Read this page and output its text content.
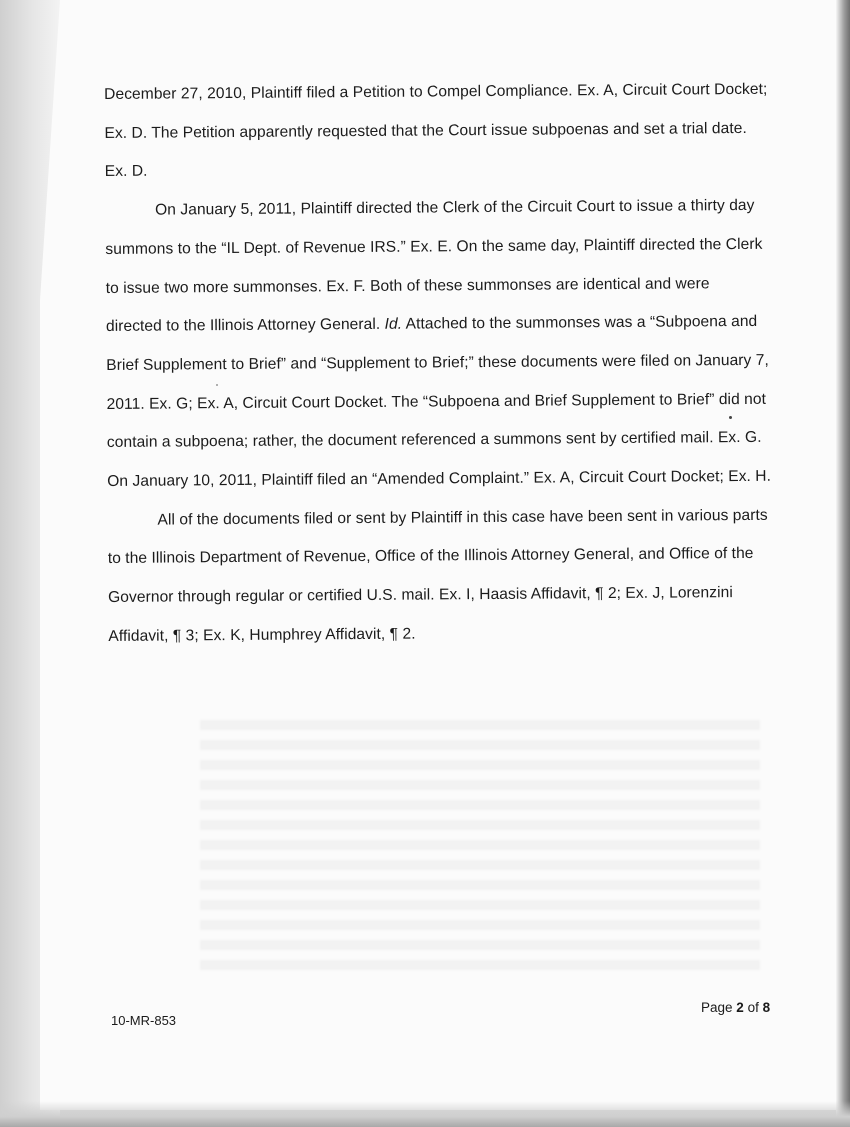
December 27, 2010, Plaintiff filed a Petition to Compel Compliance. Ex. A, Circuit Court Docket; Ex. D. The Petition apparently requested that the Court issue subpoenas and set a trial date. Ex. D.

On January 5, 2011, Plaintiff directed the Clerk of the Circuit Court to issue a thirty day summons to the “IL Dept. of Revenue IRS.” Ex. E. On the same day, Plaintiff directed the Clerk to issue two more summonses. Ex. F. Both of these summonses are identical and were directed to the Illinois Attorney General. Id. Attached to the summonses was a “Subpoena and Brief Supplement to Brief” and “Supplement to Brief;” these documents were filed on January 7, 2011. Ex. G; Ex. A, Circuit Court Docket. The “Subpoena and Brief Supplement to Brief” did not contain a subpoena; rather, the document referenced a summons sent by certified mail. Ex. G. On January 10, 2011, Plaintiff filed an “Amended Complaint.” Ex. A, Circuit Court Docket; Ex. H.

All of the documents filed or sent by Plaintiff in this case have been sent in various parts to the Illinois Department of Revenue, Office of the Illinois Attorney General, and Office of the Governor through regular or certified U.S. mail. Ex. I, Haasis Affidavit, ¶ 2; Ex. J, Lorenzini Affidavit, ¶ 3; Ex. K, Humphrey Affidavit, ¶ 2.

10-MR-853

Page 2 of 8
